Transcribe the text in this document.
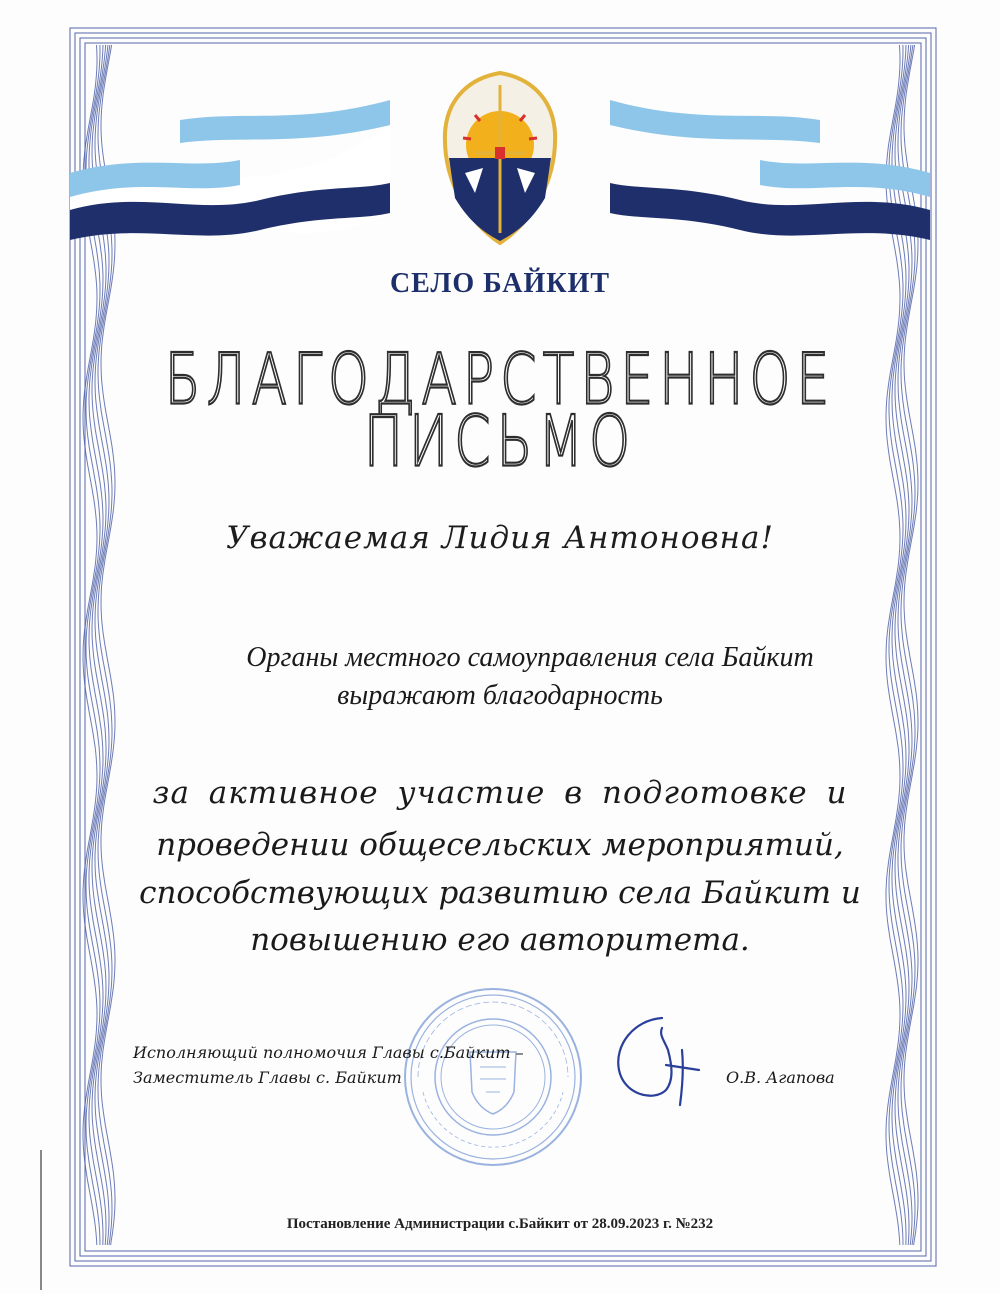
СЕЛО БАЙКИТ
БЛАГОДАРСТВЕННОЕ
ПИСЬМО
Уважаемая Лидия Антоновна!
Органы местного самоуправления села Байкит
выражают благодарность
за активное участие в подготовке и
проведении общесельских мероприятий,
способствующих развитию села Байкит и
повышению его авторитета.
Исполняющий полномочия Главы с.Байкит –
Заместитель Главы с. Байкит	О.В. Агапова
Постановление Администрации с.Байкит от 28.09.2023 г. №232
